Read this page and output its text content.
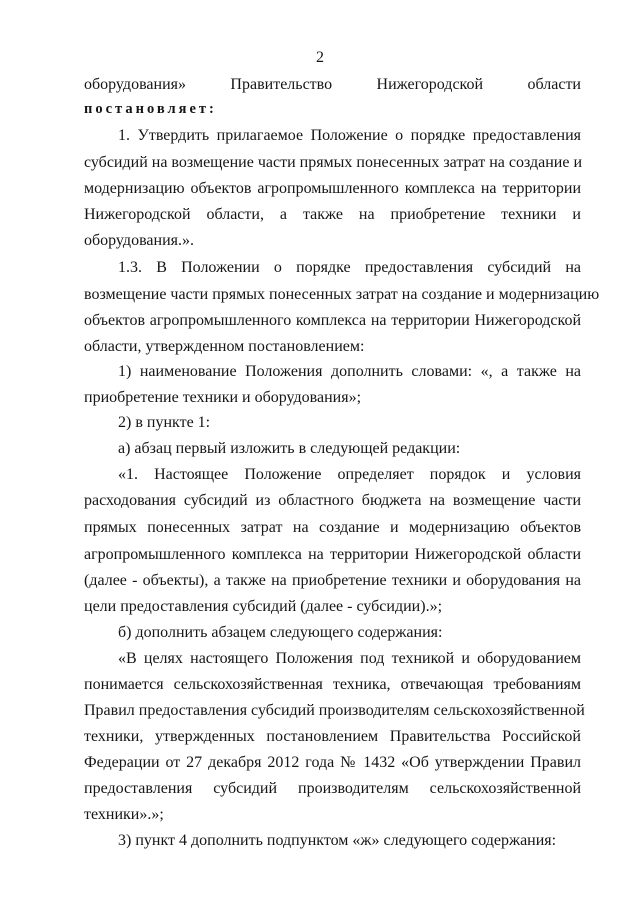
2
оборудования» Правительство Нижегородской области
постановляет:
1. Утвердить прилагаемое Положение о порядке предоставления
субсидий на возмещение части прямых понесенных затрат на создание и
модернизацию объектов агропромышленного комплекса на территории
Нижегородской области, а также на приобретение техники и
оборудования.».
1.3. В Положении о порядке предоставления субсидий на
возмещение части прямых понесенных затрат на создание и модернизацию
объектов агропромышленного комплекса на территории Нижегородской
области, утвержденном постановлением:
1) наименование Положения дополнить словами: «, а также на
приобретение техники и оборудования»;
2) в пункте 1:
а) абзац первый изложить в следующей редакции:
«1. Настоящее Положение определяет порядок и условия
расходования субсидий из областного бюджета на возмещение части
прямых понесенных затрат на создание и модернизацию объектов
агропромышленного комплекса на территории Нижегородской области
(далее - объекты), а также на приобретение техники и оборудования на
цели предоставления субсидий (далее - субсидии).»;
б) дополнить абзацем следующего содержания:
«В целях настоящего Положения под техникой и оборудованием
понимается сельскохозяйственная техника, отвечающая требованиям
Правил предоставления субсидий производителям сельскохозяйственной
техники, утвержденных постановлением Правительства Российской
Федерации от 27 декабря 2012 года № 1432 «Об утверждении Правил
предоставления субсидий производителям сельскохозяйственной
техники».»;
3) пункт 4 дополнить подпунктом «ж» следующего содержания:
